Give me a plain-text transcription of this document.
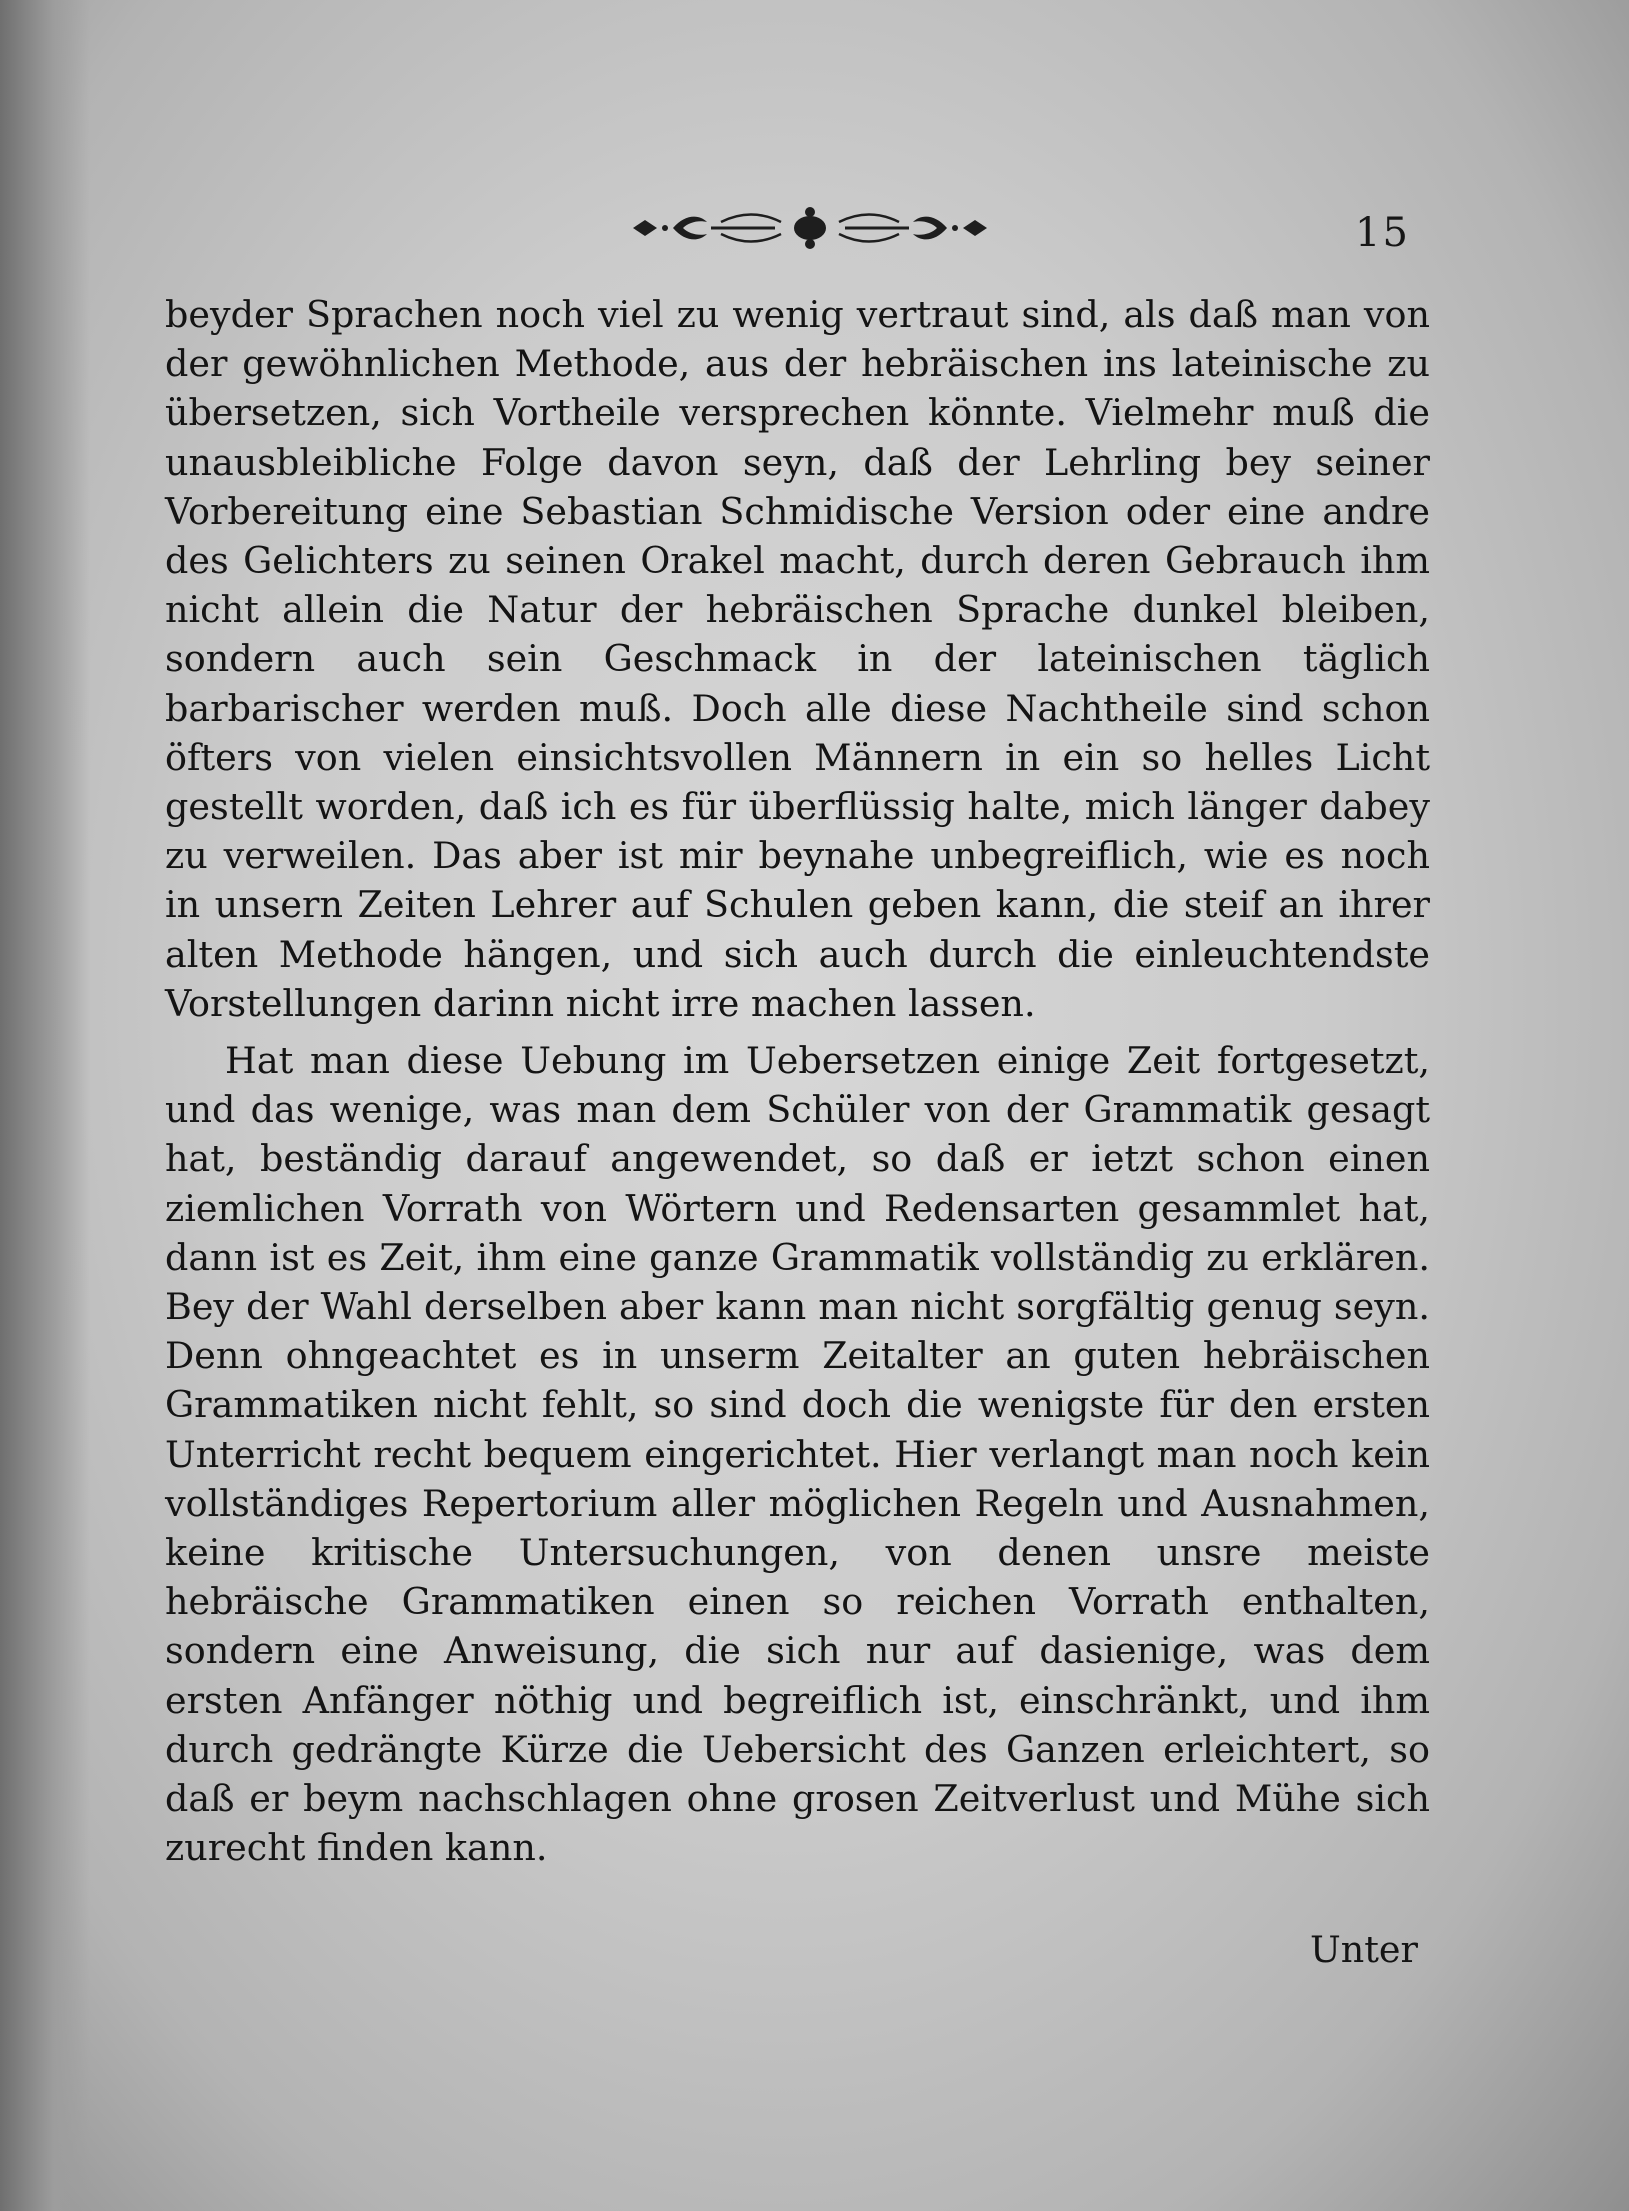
15

beyder Sprachen noch viel zu wenig vertraut sind, als daß man von der gewöhnlichen Methode, aus der hebräischen ins lateinische zu übersetzen, sich Vortheile versprechen könnte. Vielmehr muß die unausbleibliche Folge davon seyn, daß der Lehrling bey seiner Vorbereitung eine Sebastian Schmidische Version oder eine andre des Gelichters zu seinen Orakel macht, durch deren Gebrauch ihm nicht allein die Natur der hebräischen Sprache dunkel bleiben, sondern auch sein Geschmack in der lateinischen täglich barbarischer werden muß. Doch alle diese Nachtheile sind schon öfters von vielen einsichtsvollen Männern in ein so helles Licht gestellt worden, daß ich es für überflüssig halte, mich länger dabey zu verweilen. Das aber ist mir beynahe unbegreiflich, wie es noch in unsern Zeiten Lehrer auf Schulen geben kann, die steif an ihrer alten Methode hängen, und sich auch durch die einleuchtendste Vorstellungen darinn nicht irre machen lassen.

Hat man diese Uebung im Uebersetzen einige Zeit fortgesetzt, und das wenige, was man dem Schüler von der Grammatik gesagt hat, beständig darauf angewendet, so daß er ietzt schon einen ziemlichen Vorrath von Wörtern und Redensarten gesammlet hat, dann ist es Zeit, ihm eine ganze Grammatik vollständig zu erklären. Bey der Wahl derselben aber kann man nicht sorgfältig genug seyn. Denn ohngeachtet es in unserm Zeitalter an guten hebräischen Grammatiken nicht fehlt, so sind doch die wenigste für den ersten Unterricht recht bequem eingerichtet. Hier verlangt man noch kein vollständiges Repertorium aller möglichen Regeln und Ausnahmen, keine kritische Untersuchungen, von denen unsre meiste hebräische Grammatiken einen so reichen Vorrath enthalten, sondern eine Anweisung, die sich nur auf dasienige, was dem ersten Anfänger nöthig und begreiflich ist, einschränkt, und ihm durch gedrängte Kürze die Uebersicht des Ganzen erleichtert, so daß er beym nachschlagen ohne grosen Zeitverlust und Mühe sich zurecht finden kann.

Unter
